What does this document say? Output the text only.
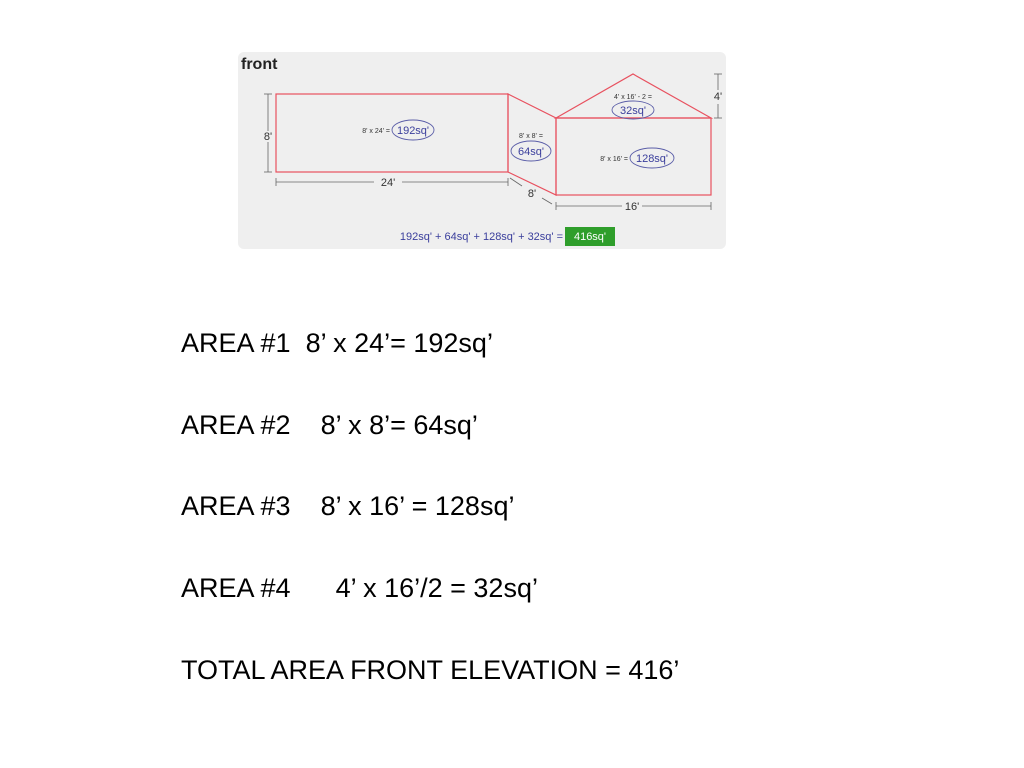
front
8'
24'
8'
16'
4'
8' x 24' = 192sq'	8' x 8' =
64sq'
8' x 16' = 128sq'
4' x 16' - 2 =
32sq'
192sq' + 64sq' + 128sq' + 32sq' = 416sq'
AREA #1  8’ x 24’= 192sq’
AREA #2    8’ x 8’= 64sq’
AREA #3    8’ x 16’ = 128sq’
AREA #4      4’ x 16’/2 = 32sq’
TOTAL AREA FRONT ELEVATION = 416’
